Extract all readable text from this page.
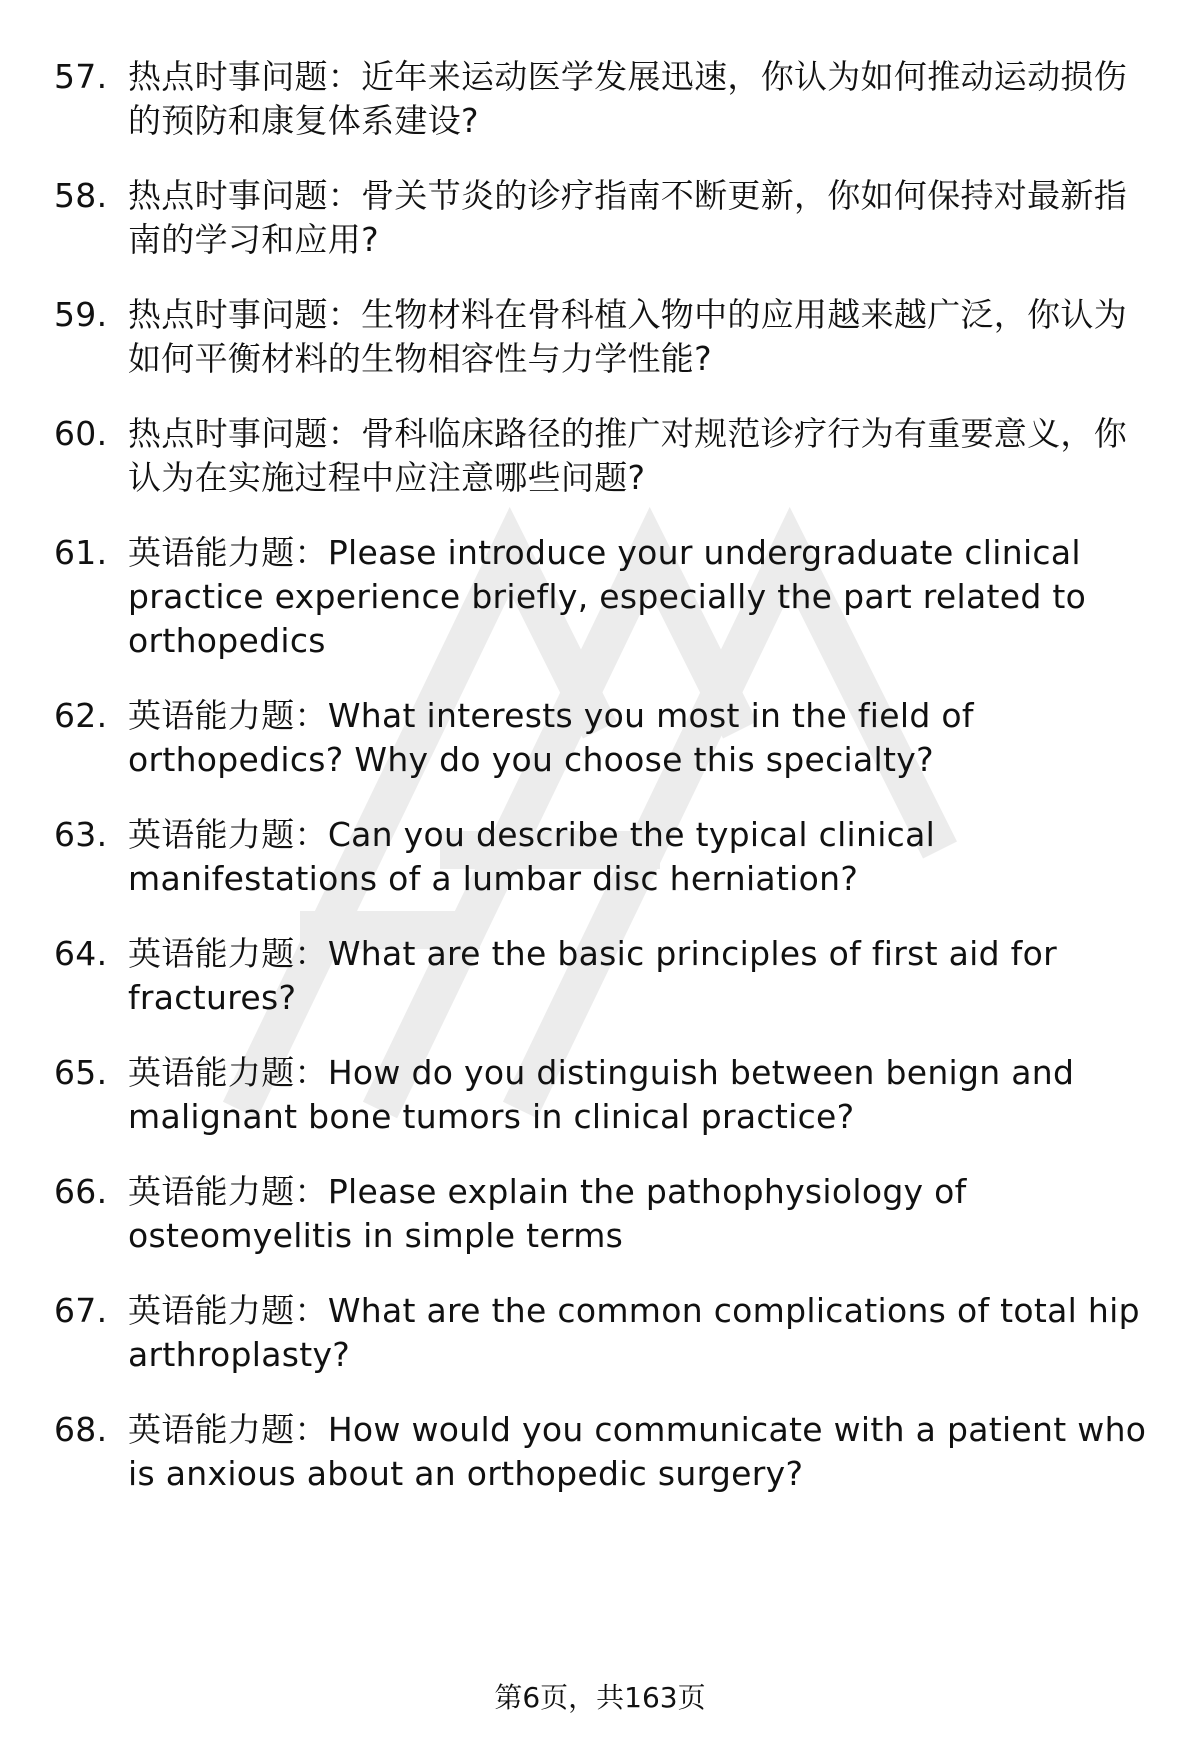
57. 热点时事问题：近年来运动医学发展迅速，你认为如何推动运动损伤的预防和康复体系建设?
58. 热点时事问题：骨关节炎的诊疗指南不断更新，你如何保持对最新指南的学习和应用?
59. 热点时事问题：生物材料在骨科植入物中的应用越来越广泛，你认为如何平衡材料的生物相容性与力学性能?
60. 热点时事问题：骨科临床路径的推广对规范诊疗行为有重要意义，你认为在实施过程中应注意哪些问题?
61. 英语能力题：Please introduce your undergraduate clinical practice experience briefly, especially the part related to orthopedics
62. 英语能力题：What interests you most in the field of orthopedics? Why do you choose this specialty?
63. 英语能力题：Can you describe the typical clinical manifestations of a lumbar disc herniation?
64. 英语能力题：What are the basic principles of first aid for fractures?
65. 英语能力题：How do you distinguish between benign and malignant bone tumors in clinical practice?
66. 英语能力题：Please explain the pathophysiology of osteomyelitis in simple terms
67. 英语能力题：What are the common complications of total hip arthroplasty?
68. 英语能力题：How would you communicate with a patient who is anxious about an orthopedic surgery?
第6页，共163页
